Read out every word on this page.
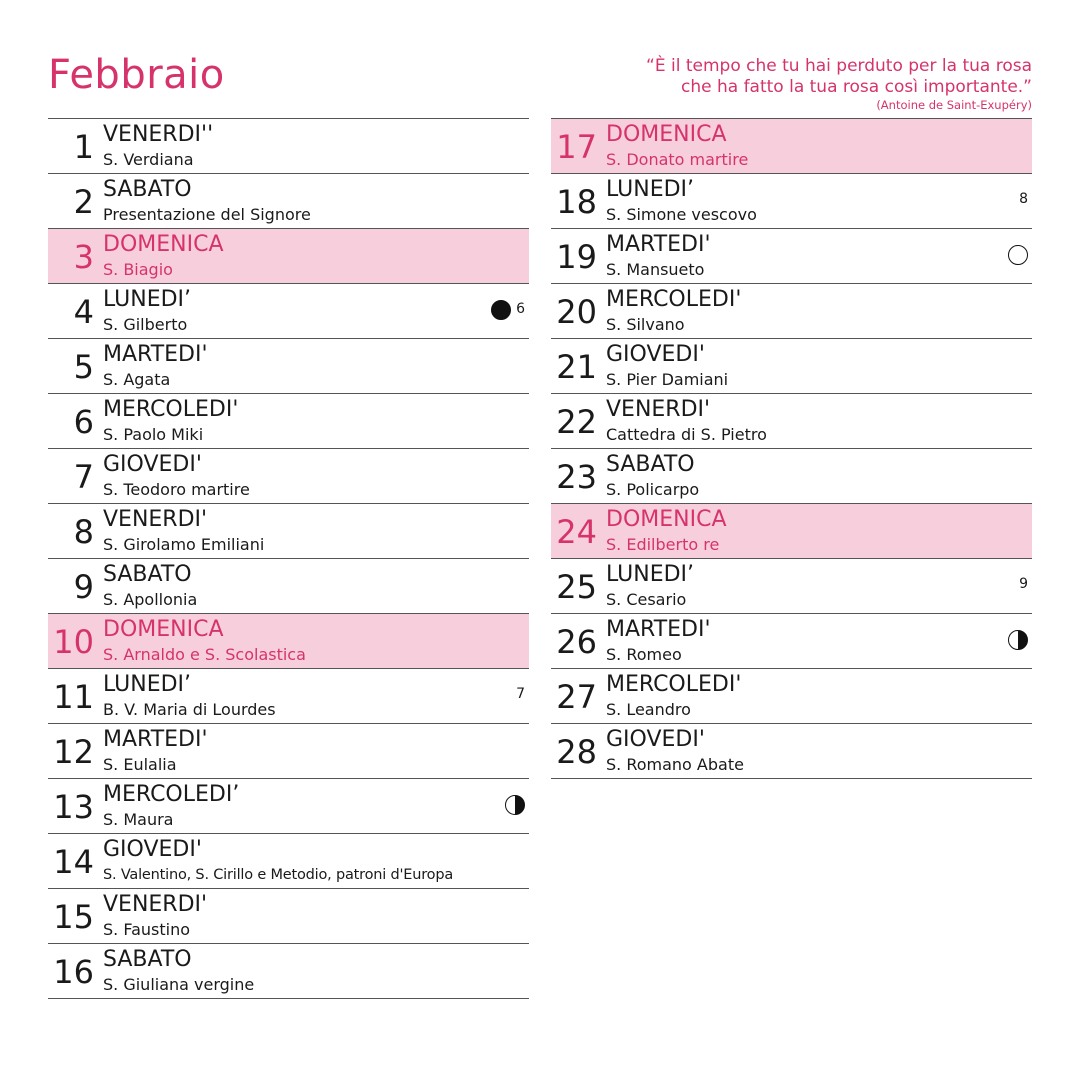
Febbraio	“È il tempo che tu hai perduto per la tua rosa
che ha fatto la tua rosa così importante.”
(Antoine de Saint-Exupéry)
1 VENERDI''
S. Verdiana
2 SABATO
Presentazione del Signore
3 DOMENICA
S. Biagio
4 LUNEDI’
S. Gilberto
6
5 MARTEDI'
S. Agata
6 MERCOLEDI'
S. Paolo Miki
7 GIOVEDI'
S. Teodoro martire
8 VENERDI'
S. Girolamo Emiliani
9 SABATO
S. Apollonia
10 DOMENICA
S. Arnaldo e S. Scolastica
11 LUNEDI’
B. V. Maria di Lourdes
7
12 MARTEDI'
S. Eulalia
13 MERCOLEDI’
S. Maura
14 GIOVEDI'
S. Valentino, S. Cirillo e Metodio, patroni d'Europa
15 VENERDI'
S. Faustino
16 SABATO
S. Giuliana vergine
17 DOMENICA
S. Donato martire
18 LUNEDI’
S. Simone vescovo
8
19 MARTEDI'
S. Mansueto
20 MERCOLEDI'
S. Silvano
21 GIOVEDI'
S. Pier Damiani
22 VENERDI'
Cattedra di S. Pietro
23 SABATO
S. Policarpo
24 DOMENICA
S. Edilberto re
25 LUNEDI’
S. Cesario
9
26 MARTEDI'
S. Romeo
27 MERCOLEDI'
S. Leandro
28 GIOVEDI'
S. Romano Abate
